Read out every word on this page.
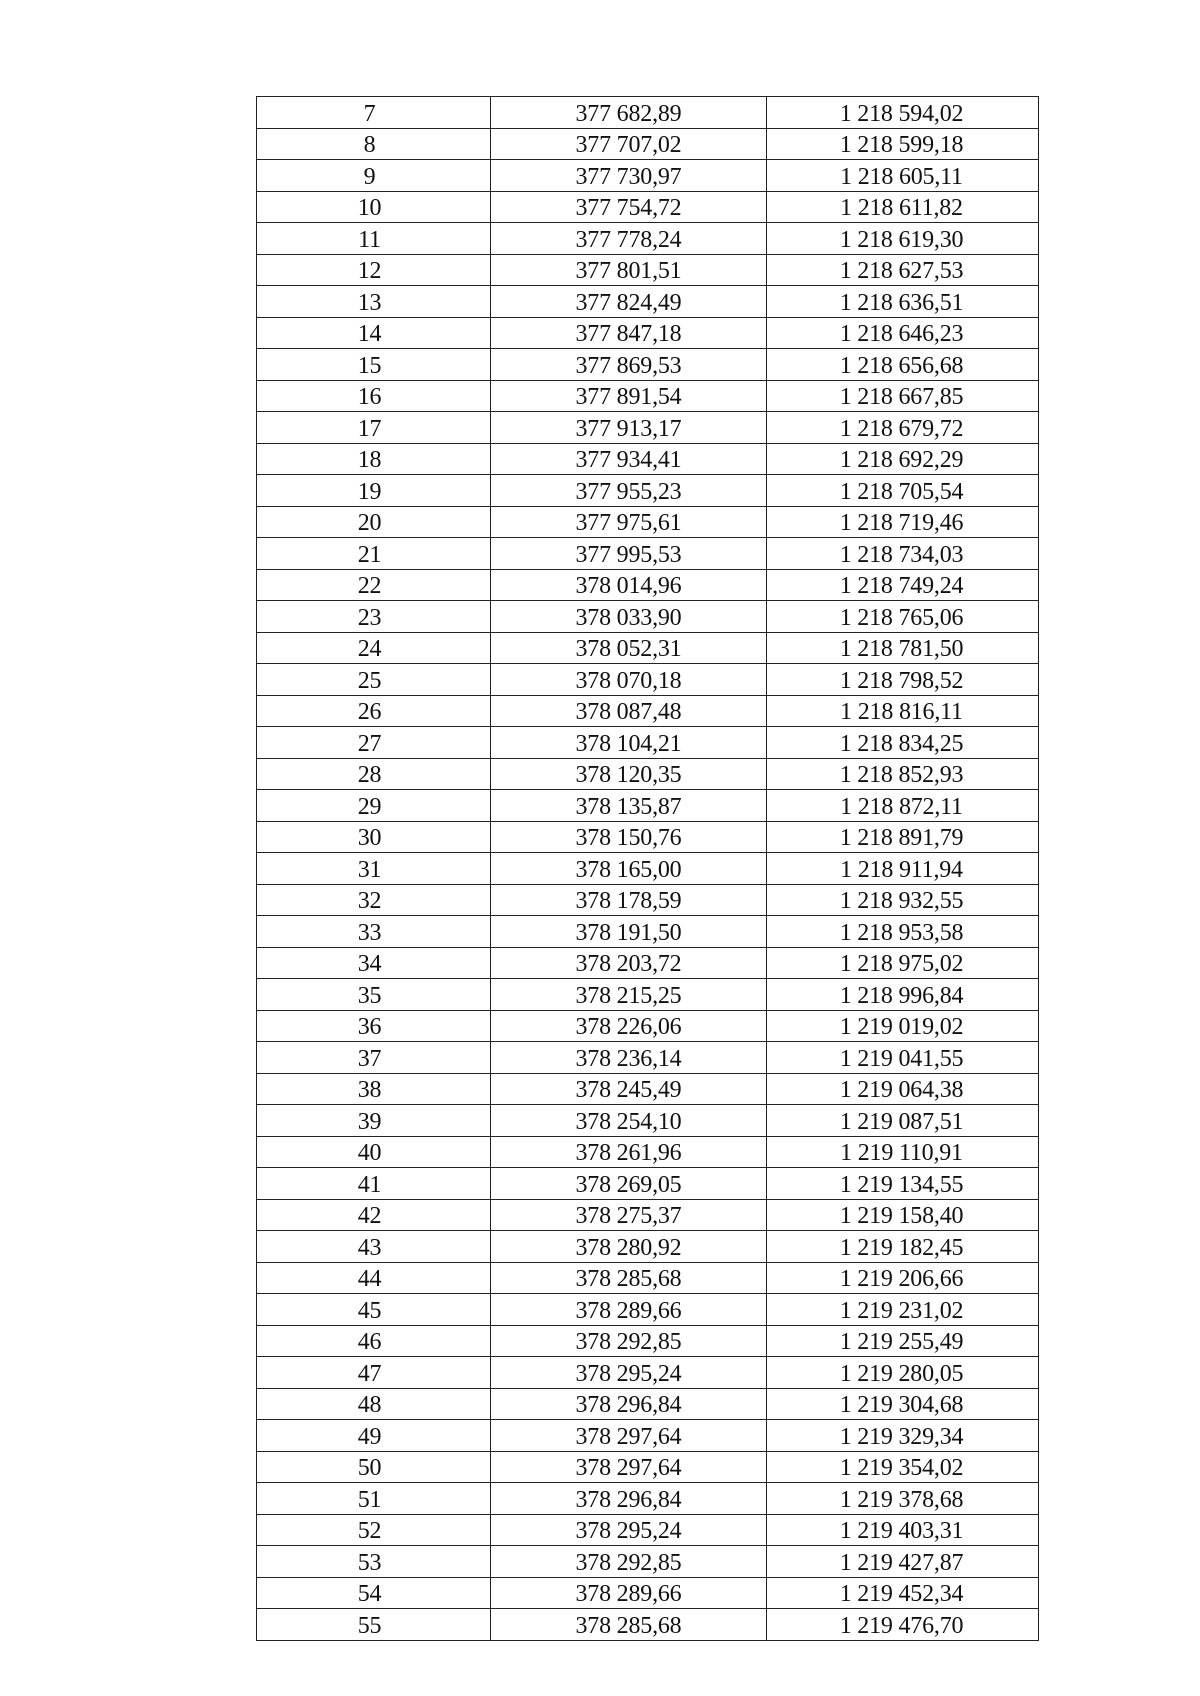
7	377 682,89	1 218 594,02
8	377 707,02	1 218 599,18
9	377 730,97	1 218 605,11
10	377 754,72	1 218 611,82
11	377 778,24	1 218 619,30
12	377 801,51	1 218 627,53
13	377 824,49	1 218 636,51
14	377 847,18	1 218 646,23
15	377 869,53	1 218 656,68
16	377 891,54	1 218 667,85
17	377 913,17	1 218 679,72
18	377 934,41	1 218 692,29
19	377 955,23	1 218 705,54
20	377 975,61	1 218 719,46
21	377 995,53	1 218 734,03
22	378 014,96	1 218 749,24
23	378 033,90	1 218 765,06
24	378 052,31	1 218 781,50
25	378 070,18	1 218 798,52
26	378 087,48	1 218 816,11
27	378 104,21	1 218 834,25
28	378 120,35	1 218 852,93
29	378 135,87	1 218 872,11
30	378 150,76	1 218 891,79
31	378 165,00	1 218 911,94
32	378 178,59	1 218 932,55
33	378 191,50	1 218 953,58
34	378 203,72	1 218 975,02
35	378 215,25	1 218 996,84
36	378 226,06	1 219 019,02
37	378 236,14	1 219 041,55
38	378 245,49	1 219 064,38
39	378 254,10	1 219 087,51
40	378 261,96	1 219 110,91
41	378 269,05	1 219 134,55
42	378 275,37	1 219 158,40
43	378 280,92	1 219 182,45
44	378 285,68	1 219 206,66
45	378 289,66	1 219 231,02
46	378 292,85	1 219 255,49
47	378 295,24	1 219 280,05
48	378 296,84	1 219 304,68
49	378 297,64	1 219 329,34
50	378 297,64	1 219 354,02
51	378 296,84	1 219 378,68
52	378 295,24	1 219 403,31
53	378 292,85	1 219 427,87
54	378 289,66	1 219 452,34
55	378 285,68	1 219 476,70
